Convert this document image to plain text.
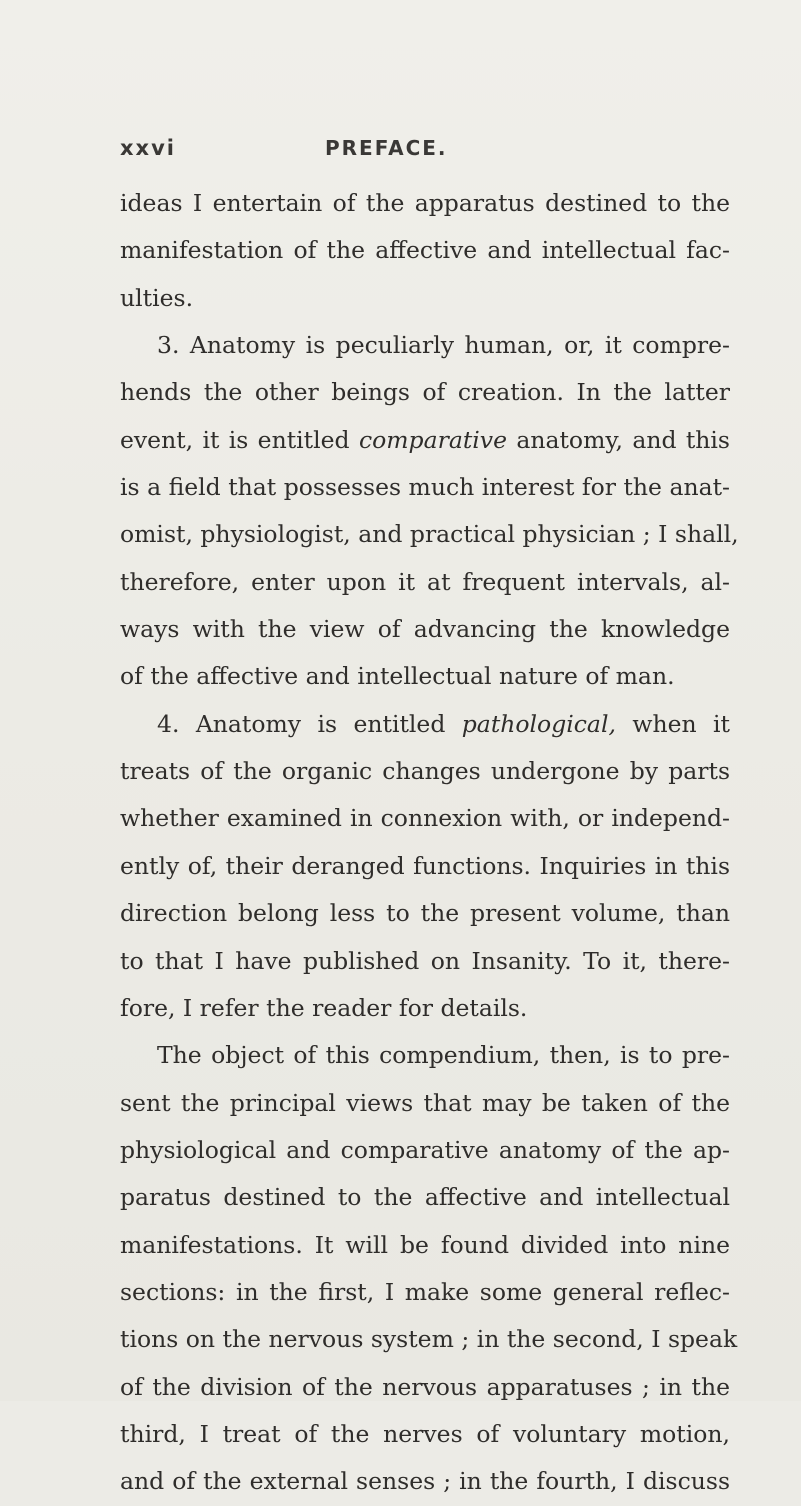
xxvi	PREFACE.
ideas I entertain of the apparatus destined to the
manifestation of the affective and intellectual fac-
ulties.
3. Anatomy is peculiarly human, or, it compre-
hends the other beings of creation. In the latter
event, it is entitled comparative anatomy, and this
is a field that possesses much interest for the anat-
omist, physiologist, and practical physician ; I shall,
therefore, enter upon it at frequent intervals, al-
ways with the view of advancing the knowledge
of the affective and intellectual nature of man.
4. Anatomy is entitled pathological, when it
treats of the organic changes undergone by parts
whether examined in connexion with, or independ-
ently of, their deranged functions. Inquiries in this
direction belong less to the present volume, than
to that I have published on Insanity. To it, there-
fore, I refer the reader for details.
The object of this compendium, then, is to pre-
sent the principal views that may be taken of the
physiological and comparative anatomy of the ap-
paratus destined to the affective and intellectual
manifestations. It will be found divided into nine
sections: in the first, I make some general reflec-
tions on the nervous system ; in the second, I speak
of the division of the nervous apparatuses ; in the
third, I treat of the nerves of voluntary motion,
and of the external senses ; in the fourth, I discuss
